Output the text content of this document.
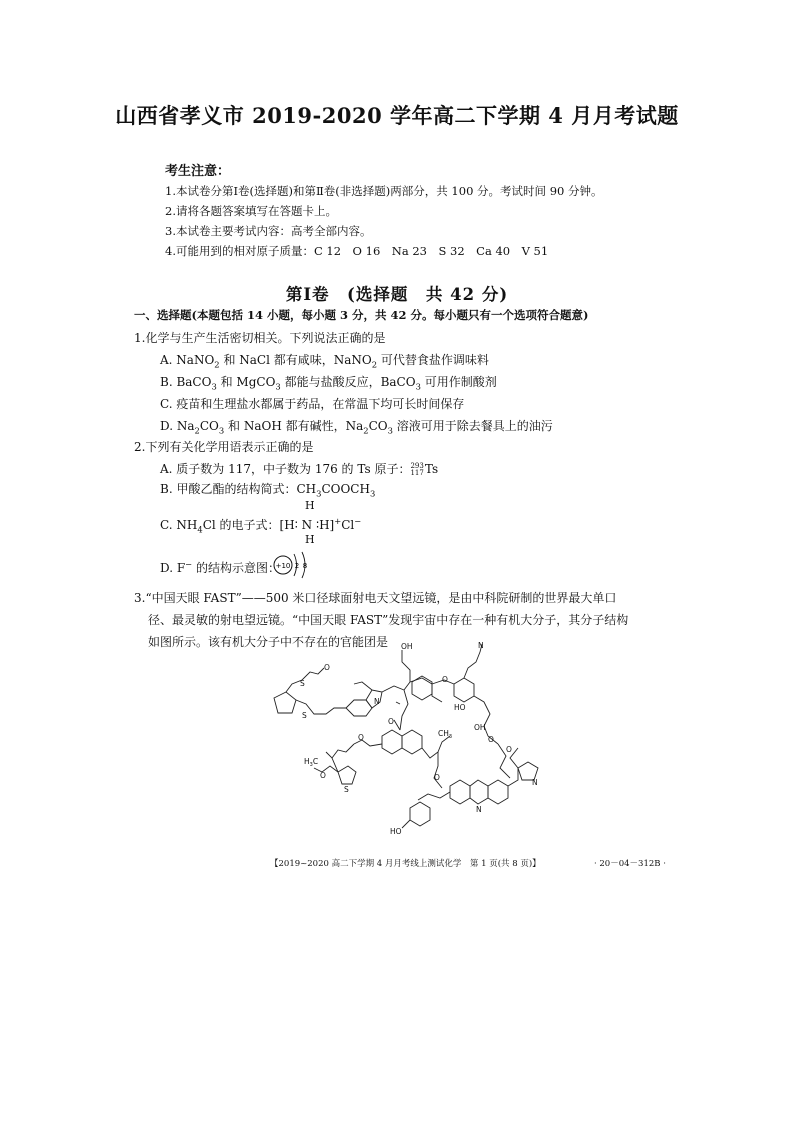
山西省孝义市 2019-2020 学年高二下学期 4 月月考试题
考生注意：
1.本试卷分第Ⅰ卷(选择题)和第Ⅱ卷(非选择题)两部分，共 100 分。考试时间 90 分钟。
2.请将各题答案填写在答题卡上。
3.本试卷主要考试内容：高考全部内容。
4.可能用到的相对原子质量：C 12　O 16　Na 23　S 32　Ca 40　V 51
第Ⅰ卷　(选择题　共 42 分)
一、选择题(本题包括 14 小题，每小题 3 分，共 42 分。每小题只有一个选项符合题意)
1.化学与生产生活密切相关。下列说法正确的是
A. NaNO$_2$ 和 NaCl 都有咸味，NaNO$_2$ 可代替食盐作调味料
B. BaCO$_3$ 和 MgCO$_3$ 都能与盐酸反应，BaCO$_3$ 可用作制酸剂
C. 疫苗和生理盐水都属于药品，在常温下均可长时间保存
D. $Na_2CO_3$ 和 NaOH 都有碱性，$Na_2CO_3$ 溶液可用于除去餐具上的油污
2.下列有关化学用语表示正确的是
A. 质子数为 117，中子数为 176 的 Ts 原子： 293
117 Ts
B. 甲酸乙酯的结构简式：$CH_3COOCH_3$
H
C. $NH_4Cl$ 的电子式：[H∶ N ∶H]+Cl−
H
D. F− 的结构示意图：
+10 2 8
3.“中国天眼 FAST”——500 米口径球面射电天文望远镜，是由中科院研制的世界最大单口
径、最灵敏的射电望远镜。“中国天眼 FAST”发现宇宙中存在一种有机大分子，其分子结构
如图所示。该有机大分子中不存在的官能团是 OH	N
S
S
N
O
O
HO
OH
O
$CH_3$
$H_3C$
O	O
S
N
N
HO
O
O
O
【2019~2020 高二下学期 4 月月考线上测试化学　第 1 页(共 8 页)】	· 20－04－312B ·
